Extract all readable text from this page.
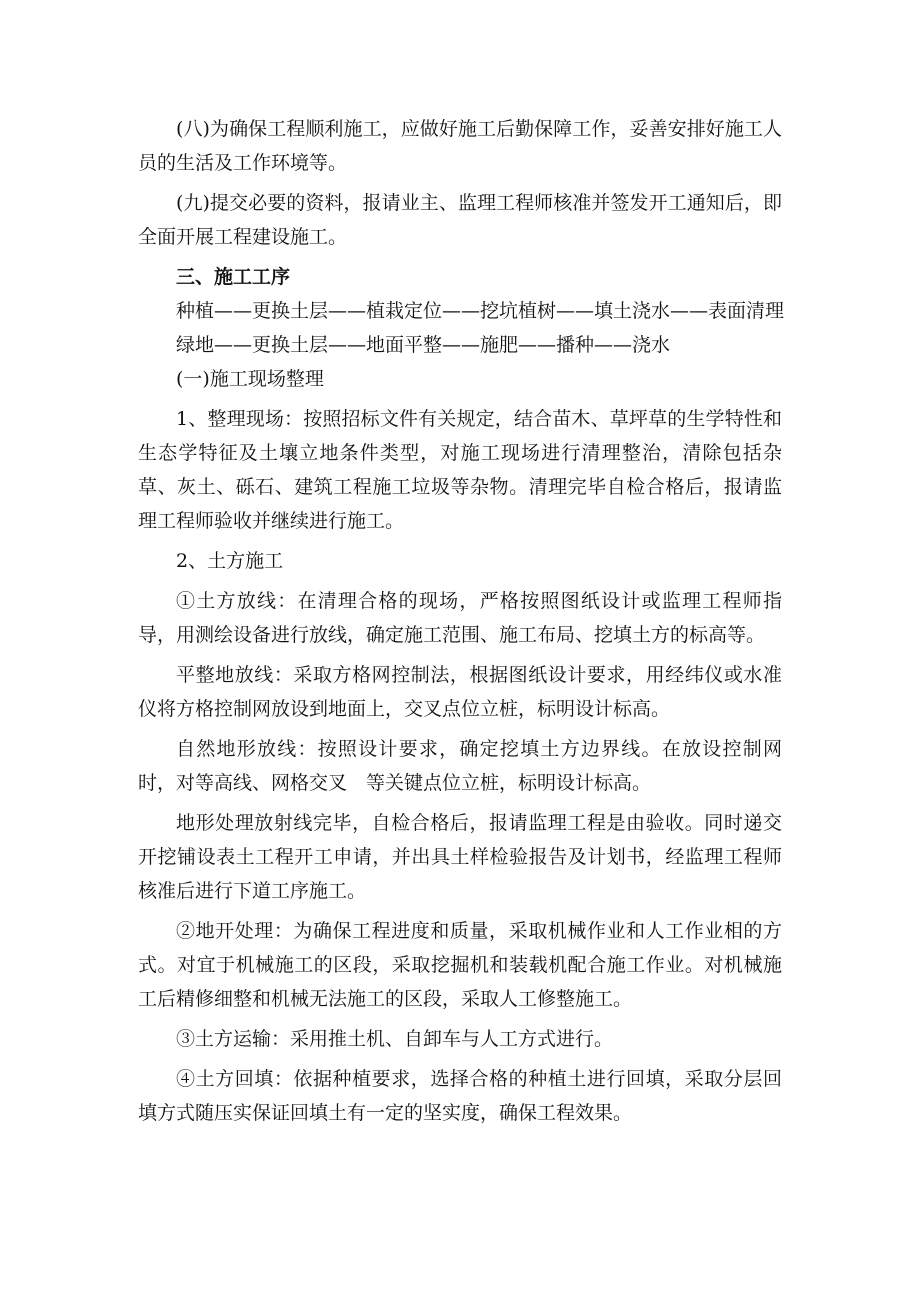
(八)为确保工程顺利施工，应做好施工后勤保障工作，妥善安排好施工人员的生活及工作环境等。

(九)提交必要的资料，报请业主、监理工程师核准并签发开工通知后，即全面开展工程建设施工。

三、施工工序

种植——更换土层——植栽定位——挖坑植树——填土浇水——表面清理

绿地——更换土层——地面平整——施肥——播种——浇水

(一)施工现场整理

1、整理现场：按照招标文件有关规定，结合苗木、草坪草的生学特性和生态学特征及土壤立地条件类型，对施工现场进行清理整治，清除包括杂草、灰土、砾石、建筑工程施工垃圾等杂物。清理完毕自检合格后，报请监理工程师验收并继续进行施工。

2、土方施工

①土方放线：在清理合格的现场，严格按照图纸设计或监理工程师指导，用测绘设备进行放线，确定施工范围、施工布局、挖填土方的标高等。

平整地放线：采取方格网控制法，根据图纸设计要求，用经纬仪或水准仪将方格控制网放设到地面上，交叉点位立桩，标明设计标高。

自然地形放线：按照设计要求，确定挖填土方边界线。在放设控制网时，对等高线、网格交叉　等关键点位立桩，标明设计标高。

地形处理放射线完毕，自检合格后，报请监理工程是由验收。同时递交开挖铺设表土工程开工申请，并出具土样检验报告及计划书，经监理工程师核准后进行下道工序施工。

②地开处理：为确保工程进度和质量，采取机械作业和人工作业相的方式。对宜于机械施工的区段，采取挖掘机和装载机配合施工作业。对机械施工后精修细整和机械无法施工的区段，采取人工修整施工。

③土方运输：采用推土机、自卸车与人工方式进行。

④土方回填：依据种植要求，选择合格的种植土进行回填，采取分层回填方式随压实保证回填土有一定的坚实度，确保工程效果。
